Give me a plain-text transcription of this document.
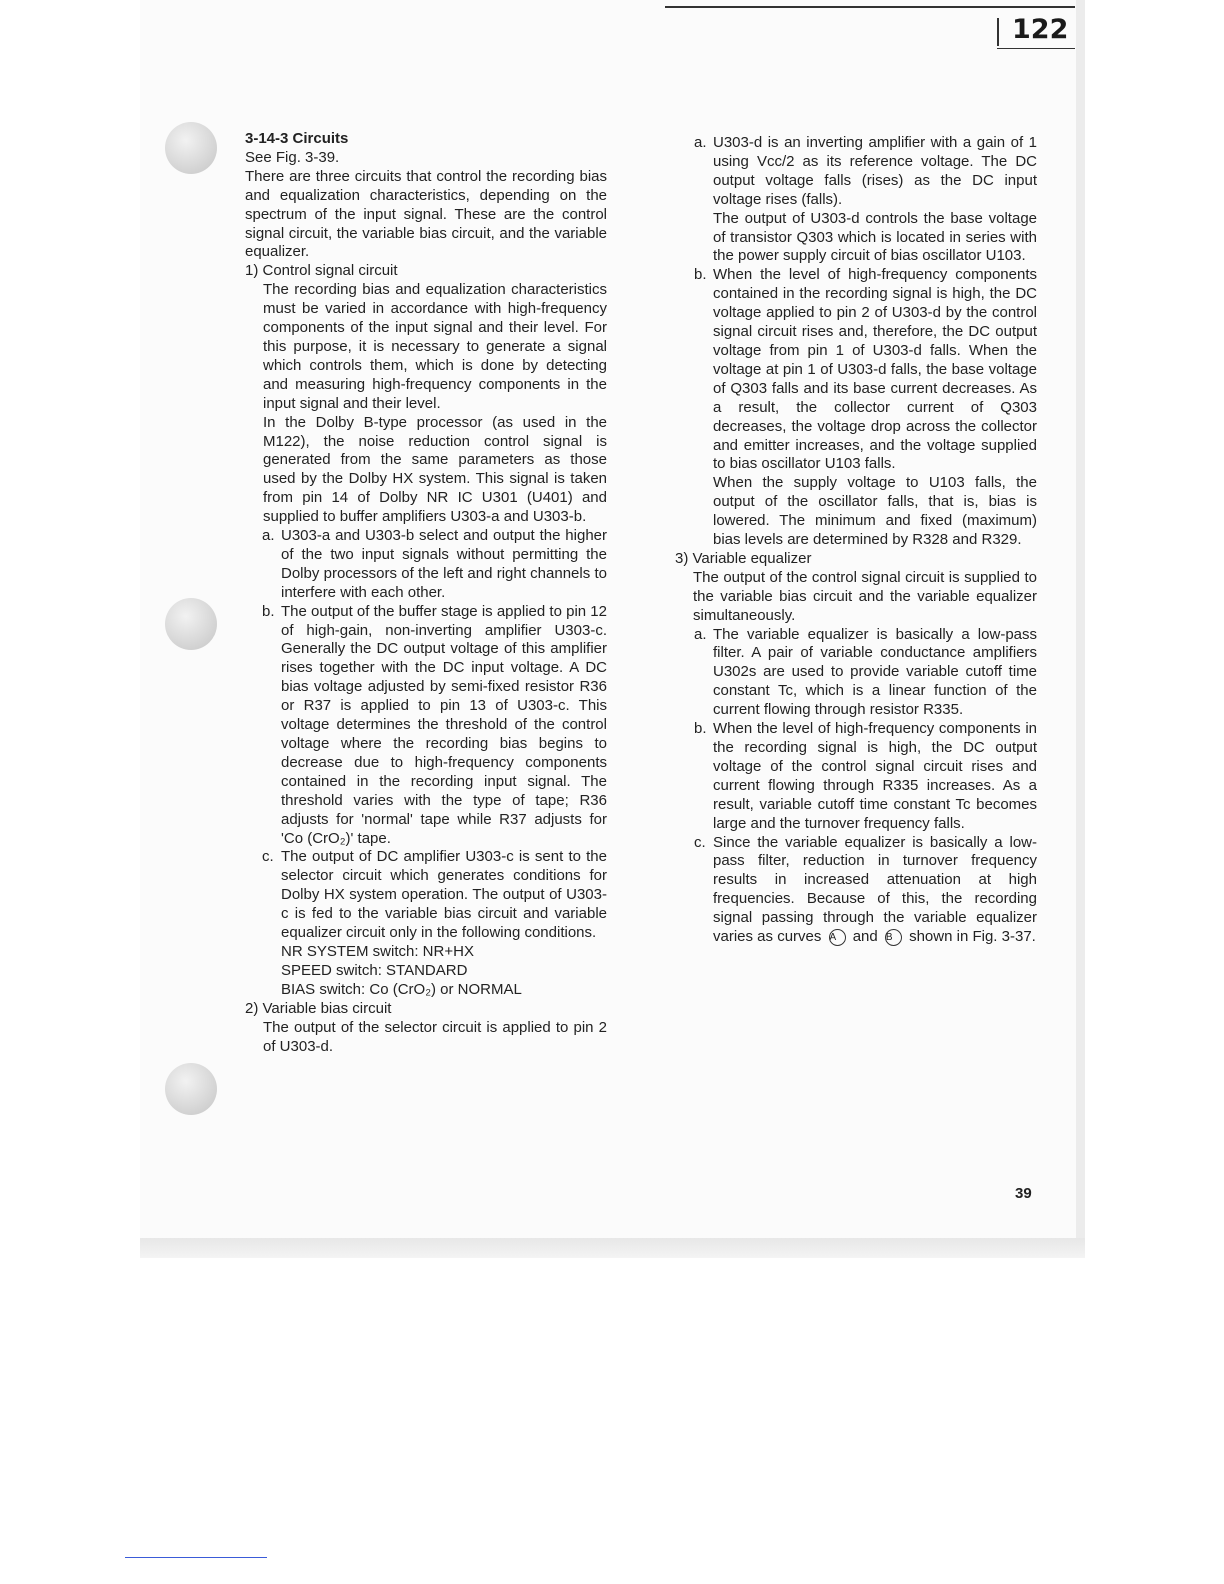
122

3-14-3 Circuits

See Fig. 3-39.

There are three circuits that control the recording bias and equalization characteristics, depending on the spectrum of the input signal. These are the control signal circuit, the variable bias circuit, and the variable equalizer.

1) Control signal circuit

The recording bias and equalization characteristics must be varied in accordance with high-frequency components of the input signal and their level. For this purpose, it is necessary to generate a signal which controls them, which is done by detecting and measuring high-frequency components in the input signal and their level.

In the Dolby B-type processor (as used in the M122), the noise reduction control signal is generated from the same parameters as those used by the Dolby HX system. This signal is taken from pin 14 of Dolby NR IC U301 (U401) and supplied to buffer amplifiers U303-a and U303-b.

a. U303-a and U303-b select and output the higher of the two input signals without permitting the Dolby processors of the left and right channels to interfere with each other.

b. The output of the buffer stage is applied to pin 12 of high-gain, non-inverting amplifier U303-c. Generally the DC output voltage of this amplifier rises together with the DC input voltage. A DC bias voltage adjusted by semi-fixed resistor R36 or R37 is applied to pin 13 of U303-c. This voltage determines the threshold of the control voltage where the recording bias begins to decrease due to high-frequency components contained in the recording input signal. The threshold varies with the type of tape; R36 adjusts for 'normal' tape while R37 adjusts for 'Co (CrO₂)' tape.

c. The output of DC amplifier U303-c is sent to the selector circuit which generates conditions for Dolby HX system operation. The output of U303-c is fed to the variable bias circuit and variable equalizer circuit only in the following conditions.

NR SYSTEM switch: NR+HX

SPEED switch: STANDARD

BIAS switch: Co (CrO₂) or NORMAL

2) Variable bias circuit

The output of the selector circuit is applied to pin 2 of U303-d.

a. U303-d is an inverting amplifier with a gain of 1 using Vcc/2 as its reference voltage. The DC output voltage falls (rises) as the DC input voltage rises (falls).

The output of U303-d controls the base voltage of transistor Q303 which is located in series with the power supply circuit of bias oscillator U103.

b. When the level of high-frequency components contained in the recording signal is high, the DC voltage applied to pin 2 of U303-d by the control signal circuit rises and, therefore, the DC output voltage from pin 1 of U303-d falls. When the voltage at pin 1 of U303-d falls, the base voltage of Q303 falls and its base current decreases. As a result, the collector current of Q303 decreases, the voltage drop across the collector and emitter increases, and the voltage supplied to bias oscillator U103 falls.

When the supply voltage to U103 falls, the output of the oscillator falls, that is, bias is lowered. The minimum and fixed (maximum) bias levels are determined by R328 and R329.

3) Variable equalizer

The output of the control signal circuit is supplied to the variable bias circuit and the variable equalizer simultaneously.

a. The variable equalizer is basically a low-pass filter. A pair of variable conductance amplifiers U302s are used to provide variable cutoff time constant Tc, which is a linear function of the current flowing through resistor R335.

b. When the level of high-frequency components in the recording signal is high, the DC output voltage of the control signal circuit rises and current flowing through R335 increases. As a result, variable cutoff time constant Tc becomes large and the turnover frequency falls.

c. Since the variable equalizer is basically a low-pass filter, reduction in turnover frequency results in increased attenuation at high frequencies. Because of this, the recording signal passing through the variable equalizer varies as curves A and B shown in Fig. 3-37.

39
